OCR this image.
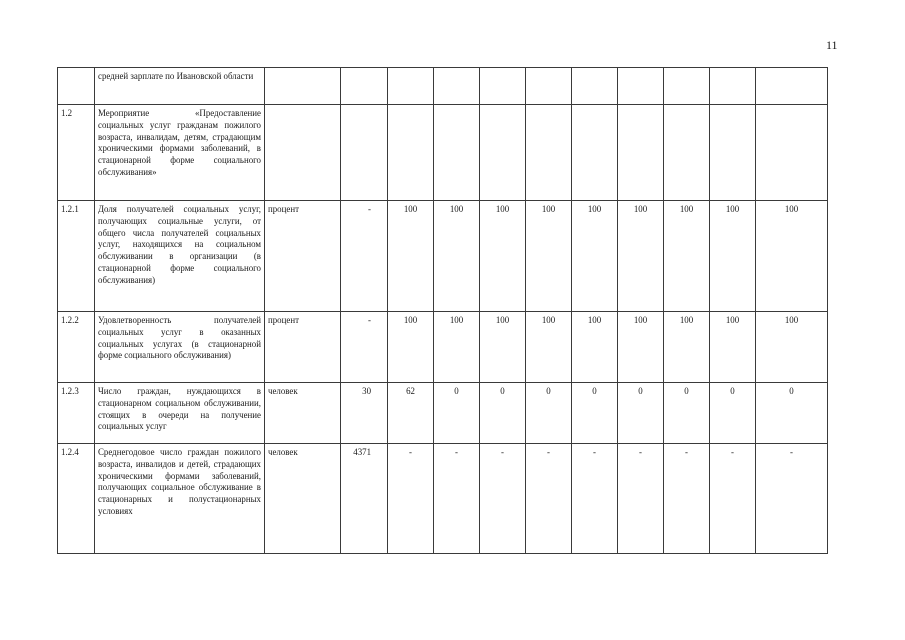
11
	средней зарплате по Ивановской области											
1.2	Мероприятие «Предоставление социальных услуг гражданам пожилого возраста, инвалидам, детям, страдающим хроническими формами заболеваний, в стационарной форме социального обслуживания»											
1.2.1	Доля получателей социальных услуг, получающих социальные услуги, от общего числа получателей социальных услуг, находящихся на социальном обслуживании в организации (в стационарной форме социального обслуживания)	процент	-	100	100	100	100	100	100	100	100	100
1.2.2	Удовлетворенность получателей социальных услуг в оказанных социальных услугах (в стационарной форме социального обслуживания)	процент	-	100	100	100	100	100	100	100	100	100
1.2.3	Число граждан, нуждающихся в стационарном социальном обслуживании, стоящих в очереди на получение социальных услуг	человек	30	62	0	0	0	0	0	0	0	0
1.2.4	Среднегодовое число граждан пожилого возраста, инвалидов и детей, страдающих хроническими формами заболеваний, получающих социальное обслуживание в стационарных и полустационарных условиях	человек	4371	-	-	-	-	-	-	-	-	-
